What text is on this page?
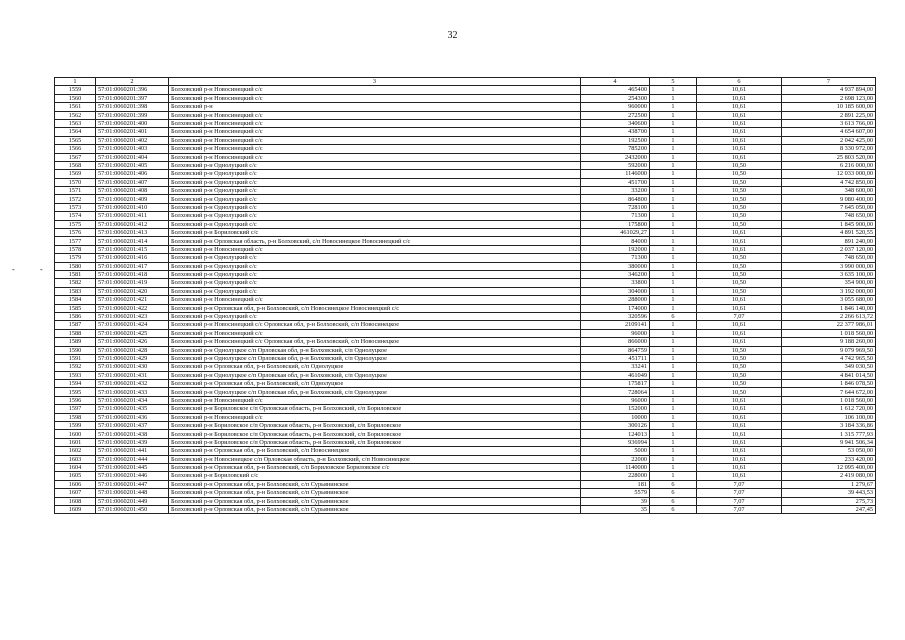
32
-	-
1	2	3	4	5	6	7
1559	57:01:0060201:396	Болховский р-н Новосинецкий с/с	465400	1	10,61	4 937 894,00
1560	57:01:0060201:397	Болховский р-н Новосинецкий с/с	254300	1	10,61	2 698 123,00
1561	57:01:0060201:398	Болховский р-н	960000	1	10,61	10 185 600,00
1562	57:01:0060201:399	Болховский р-н Новосинецкий с/с	272500	1	10,61	2 891 225,00
1563	57:01:0060201:400	Болховский р-н Новосинецкий с/с	340600	1	10,61	3 613 766,00
1564	57:01:0060201:401	Болховский р-н Новосинецкий с/с	438700	1	10,61	4 654 607,00
1565	57:01:0060201:402	Болховский р-н Новосинецкий с/с	192500	1	10,61	2 042 425,00
1566	57:01:0060201:403	Болховский р-н Новосинецкий с/с	785200	1	10,61	8 330 972,00
1567	57:01:0060201:404	Болховский р-н Новосинецкий с/с	2432000	1	10,61	25 803 520,00
1568	57:01:0060201:405	Болховский р-н Однолуцкий с/с	592000	1	10,50	6 216 000,00
1569	57:01:0060201:406	Болховский р-н Однолуцкий с/с	1146000	1	10,50	12 033 000,00
1570	57:01:0060201:407	Болховский р-н Однолуцкий с/с	451700	1	10,50	4 742 850,00
1571	57:01:0060201:408	Болховский р-н Однолуцкий с/с	33200	1	10,50	348 600,00
1572	57:01:0060201:409	Болховский р-н Однолуцкий с/с	864800	1	10,50	9 080 400,00
1573	57:01:0060201:410	Болховский р-н Однолуцкий с/с	728100	1	10,50	7 645 050,00
1574	57:01:0060201:411	Болховский р-н Однолуцкий с/с	71300	1	10,50	748 650,00
1575	57:01:0060201:412	Болховский р-н Однолуцкий с/с	175800	1	10,50	1 845 900,00
1576	57:01:0060201:413	Болховский р-н Бориловский с/с	461029,27	1	10,61	4 891 520,55
1577	57:01:0060201:414	Болховский р-н Орловская область, р-н Болховский, с/п Новосинецкое Новосинецкий с/с	84000	1	10,61	891 240,00
1578	57:01:0060201:415	Болховский р-н Новосинецкий с/с	192000	1	10,61	2 037 120,00
1579	57:01:0060201:416	Болховский р-н Однолуцкий с/с	71300	1	10,50	748 650,00
1580	57:01:0060201:417	Болховский р-н Однолуцкий с/с	380000	1	10,50	3 990 000,00
1581	57:01:0060201:418	Болховский р-н Однолуцкий с/с	346200	1	10,50	3 635 100,00
1582	57:01:0060201:419	Болховский р-н Однолуцкий с/с	33800	1	10,50	354 900,00
1583	57:01:0060201:420	Болховский р-н Однолуцкий с/с	304000	1	10,50	3 192 000,00
1584	57:01:0060201:421	Болховский р-н Новосинецкий с/с	288000	1	10,61	3 055 680,00
1585	57:01:0060201:422	Болховский р-н Орловская обл, р-н Болховский, с/п Новосинецкое Новосинецкий с/с	174000	1	10,61	1 846 140,00
1586	57:01:0060201:423	Болховский р-н Однолуцкий с/с	320596	6	7,07	2 266 613,72
1587	57:01:0060201:424	Болховский р-н Новосинецкий с/с Орловская обл, р-н Болховский, с/п Новосинецкое	2109141	1	10,61	22 377 986,01
1588	57:01:0060201:425	Болховский р-н Новосинецкий с/с	96000	1	10,61	1 018 560,00
1589	57:01:0060201:426	Болховский р-н Новосинецкий с/с Орловская обл, р-н Болховский, с/п Новосинецкое	866000	1	10,61	9 188 260,00
1590	57:01:0060201:428	Болховский р-н Однолуцкое с/п Орловская обл, р-н Болховский, с/п Однолуцкое	864759	1	10,50	9 079 969,50
1591	57:01:0060201:429	Болховский р-н Однолуцкое с/п Орловская обл, р-н Болховский, с/п Однолуцкое	451711	1	10,50	4 742 965,50
1592	57:01:0060201:430	Болховский р-н Орловская обл, р-н Болховский, с/п Однолуцкое	33241	1	10,50	349 030,50
1593	57:01:0060201:431	Болховский р-н Однолуцкое с/п Орловская обл, р-н Болховский, с/п Однолуцкое	461049	1	10,50	4 841 014,50
1594	57:01:0060201:432	Болховский р-н Орловская обл, р-н Болховский, с/п Однолуцкое	175817	1	10,50	1 846 078,50
1595	57:01:0060201:433	Болховский р-н Однолуцкое с/п Орловская обл, р-н Болховский, с/п Однолуцкое	728064	1	10,50	7 644 672,00
1596	57:01:0060201:434	Болховский р-н Новосинецкий с/с	96000	1	10,61	1 018 560,00
1597	57:01:0060201:435	Болховский р-н Бориловское с/п Орловская область, р-н Болховский, с/п Бориловское	152000	1	10,61	1 612 720,00
1598	57:01:0060201:436	Болховский р-н Новосинецкий с/с	10000	1	10,61	106 100,00
1599	57:01:0060201:437	Болховский р-н Бориловское с/п Орловская область, р-н Болховский, с/п Бориловское	300126	1	10,61	3 184 336,86
1600	57:01:0060201:438	Болховский р-н Бориловское с/п Орловская область, р-н Болховский, с/п Бориловское	124013	1	10,61	1 315 777,93
1601	57:01:0060201:439	Болховский р-н Бориловское с/п Орловская область, р-н Болховский, с/п Бориловское	936994	1	10,61	9 941 506,34
1602	57:01:0060201:441	Болховский р-н Орловская обл, р-н Болховский, с/п Новосинецкое	5000	1	10,61	53 050,00
1603	57:01:0060201:444	Болховский р-н Новосинецкое с/п Орловская область, р-н Болховский, с/п Новосинецкое	22000	1	10,61	233 420,00
1604	57:01:0060201:445	Болховский р-н Орловская обл, р-н Болховский, с/п Бориловское Бориловское с/с	1140000	1	10,61	12 095 400,00
1605	57:01:0060201:446	Болховский р-н Бориловский с/с	228000	1	10,61	2 419 080,00
1606	57:01:0060201:447	Болховский р-н Орловская обл, р-н Болховский, с/п Сурьянинское	181	6	7,07	1 279,67
1607	57:01:0060201:448	Болховский р-н Орловская обл, р-н Болховский, с/п Сурьянинское	5579	6	7,07	39 443,53
1608	57:01:0060201:449	Болховский р-н Орловская обл, р-н Болховский, с/п Сурьянинское	39	6	7,07	275,73
1609	57:01:0060201:450	Болховский р-н Орловская обл, р-н Болховский, с/п Сурьянинское	35	6	7,07	247,45
